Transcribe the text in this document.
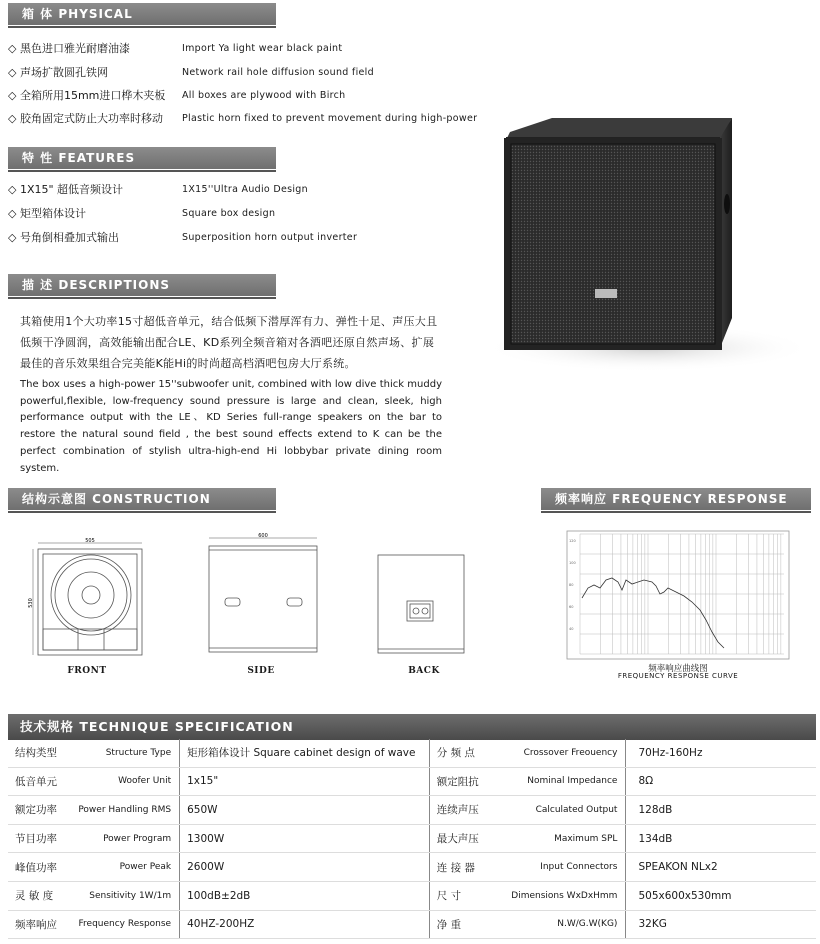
箱 体 PHYSICAL
◇ 黑色进口雅光耐磨油漆	Import Ya light wear black paint
◇ 声场扩散圆孔铁网	Network rail hole diffusion sound field
◇ 全箱所用15mm进口桦木夹板 All boxes are plywood with Birch
◇ 胶角固定式防止大功率时移动 Plastic horn fixed to prevent movement during high-power
特 性 FEATURES
◇ 1X15" 超低音频设计	1X15''Ultra Audio Design
◇ 矩型箱体设计	Square box design
◇ 号角倒相叠加式输出	Superposition horn output inverter
描 述 DESCRIPTIONS
其箱使用1个大功率15寸超低音单元，结合低频下潜厚浑有力、弹性十足、声压大且
低频干净圆润，高效能输出配合LE、KD系列全频音箱对各酒吧还原自然声场、扩展
最佳的音乐效果组合完美能K能Hi的时尚超高档酒吧包房大厅系统。
The box uses a high-power 15''subwoofer unit, combined with low dive thick muddy powerful,flexible, low-frequency sound pressure is large and clean, sleek, high performance output with the LE、KD Series full-range speakers on the bar to restore the natural sound field , the best sound effects extend to K can be the perfect combination of stylish ultra-high-end Hi lobbybar private dining room system.
结构示意图 CONSTRUCTION DRAWING
505
530
FRONT
600
SIDE	BACK
频率响应 FREQUENCY RESPONSE
120
100
80
60
40
频率响应曲线图
FREQUENCY RESPONSE CURVE
技术规格 TECHNIQUE SPECIFICATION
结构类型	Structure Type	矩形箱体设计 Square cabinet design of wave	分 频 点	Crossover Freouency	70Hz-160Hz
低音单元	Woofer Unit	1x15"	额定阻抗	Nominal Impedance	8Ω
额定功率	Power Handling RMS	650W	连续声压	Calculated Output	128dB
节目功率	Power Program	1300W	最大声压	Maximum SPL	134dB
峰值功率	Power Peak	2600W	连 接 器	Input Connectors	SPEAKON NLx2
灵 敏 度	Sensitivity 1W/1m	100dB±2dB	尺 寸	Dimensions WxDxHmm	505x600x530mm
频率响应	Frequency Response	40HZ-200HZ	净 重	N.W/G.W(KG)	32KG
